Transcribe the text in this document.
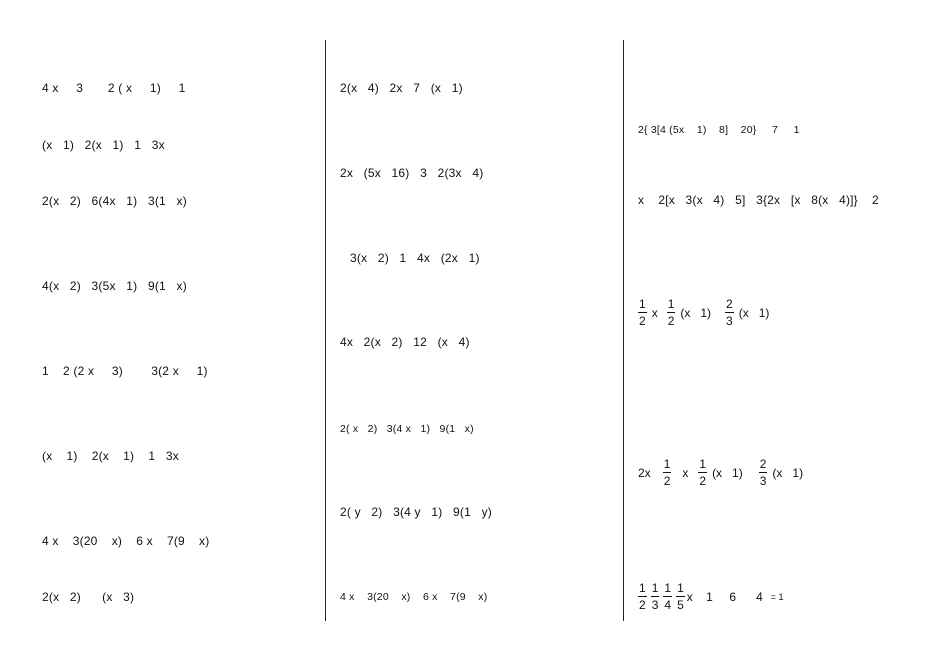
4 x     3       2 ( x     1)     1
(x   1)   2(x   1)   1   3x
2(x   2)   6(4x   1)   3(1   x)
4(x   2)   3(5x   1)   9(1   x)
1    2 (2 x     3)        3(2 x     1)
(x    1)    2(x    1)    1   3x
4 x    3(20    x)    6 x    7(9    x)
2(x   2)      (x   3)
2(x   4)   2x   7   (x   1)
2x   (5x   16)   3   2(3x   4)
3(x   2)   1   4x   (2x   1)
4x   2(x   2)   12   (x   4)
2( x   2)   3(4 x   1)   9(1   x)
2( y   2)   3(4 y   1)   9(1   y)
4 x    3(20    x)    6 x    7(9    x)
2{ 3[4 (5x    1)    8]    20}     7     1
x    2[x   3(x   4)   5]   3{2x   [x   8(x   4)]}    2
$\frac{1}{2}$ x $\frac{1}{2} (x$   $1) \frac{2}{3} (x$   1)
$2x \frac{1}{2}$ x $\frac{1}{2} (x$   $1) \frac{2}{3} (x$   1)
$\frac{1}{2} \frac{1}{3} \frac{1}{4} \frac{1}{5}$ x    1     6      4 = 1
